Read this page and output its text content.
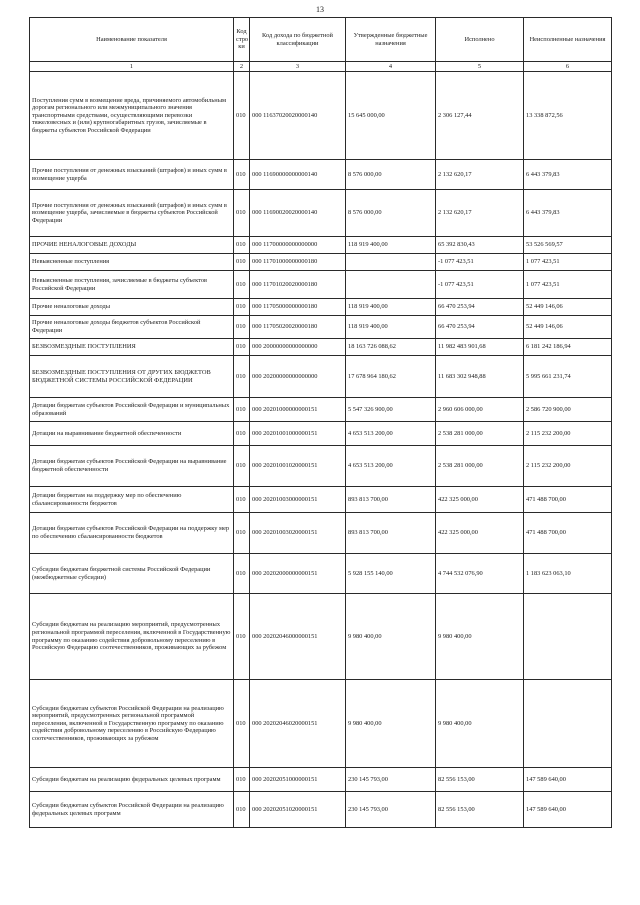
13
Наименование показателя	Код стро ки	Код дохода по бюджетной классификации	Утвержденные бюджетные назначения	Исполнено	Неисполненные назначения
1	2	3	4	5	6
Поступления сумм в возмещение вреда, причиняемого автомобильным дорогам регионального или межмуниципального значения транспортными средствами, осуществляющими перевозки тяжеловесных и (или) крупногабаритных грузов, зачисляемые в бюджеты субъектов Российской Федерации	010	000 11637020020000140	15 645 000,00	2 306 127,44	13 338 872,56
Прочие поступления от денежных взысканий (штрафов) и иных сумм в возмещение ущерба	010	000 11690000000000140	8 576 000,00	2 132 620,17	6 443 379,83
Прочие поступления от денежных взысканий (штрафов) и иных сумм в возмещение ущерба, зачисляемые в бюджеты субъектов Российской Федерации	010	000 11690020020000140	8 576 000,00	2 132 620,17	6 443 379,83
ПРОЧИЕ НЕНАЛОГОВЫЕ ДОХОДЫ	010	000 11700000000000000	118 919 400,00	65 392 830,43	53 526 569,57
Невыясненные поступления	010	000 11701000000000180		-1 077 423,51	1 077 423,51
Невыясненные поступления, зачисляемые в бюджеты субъектов Российской Федерации	010	000 11701020020000180		-1 077 423,51	1 077 423,51
Прочие неналоговые доходы	010	000 11705000000000180	118 919 400,00	66 470 253,94	52 449 146,06
Прочие неналоговые доходы бюджетов субъектов Российской Федерации	010	000 11705020020000180	118 919 400,00	66 470 253,94	52 449 146,06
БЕЗВОЗМЕЗДНЫЕ ПОСТУПЛЕНИЯ	010	000 20000000000000000	18 163 726 088,62	11 982 483 901,68	6 181 242 186,94
БЕЗВОЗМЕЗДНЫЕ ПОСТУПЛЕНИЯ ОТ ДРУГИХ БЮДЖЕТОВ БЮДЖЕТНОЙ СИСТЕМЫ РОССИЙСКОЙ ФЕДЕРАЦИИ	010	000 20200000000000000	17 678 964 180,62	11 683 302 948,88	5 995 661 231,74
Дотации бюджетам субъектов Российской Федерации и муниципальных образований	010	000 20201000000000151	5 547 326 900,00	2 960 606 000,00	2 586 720 900,00
Дотации на выравнивание бюджетной обеспеченности	010	000 20201001000000151	4 653 513 200,00	2 538 281 000,00	2 115 232 200,00
Дотации бюджетам субъектов Российской Федерации на выравнивание бюджетной обеспеченности	010	000 20201001020000151	4 653 513 200,00	2 538 281 000,00	2 115 232 200,00
Дотации бюджетам на поддержку мер по обеспечению сбалансированности бюджетов	010	000 20201003000000151	893 813 700,00	422 325 000,00	471 488 700,00
Дотации бюджетам субъектов Российской Федерации на поддержку мер по обеспечению сбалансированности бюджетов	010	000 20201003020000151	893 813 700,00	422 325 000,00	471 488 700,00
Субсидии бюджетам бюджетной системы Российской Федерации (межбюджетные субсидии)	010	000 20202000000000151	5 928 155 140,00	4 744 532 076,90	1 183 623 063,10
Субсидии бюджетам на реализацию мероприятий, предусмотренных региональной программой переселения, включенной в Государственную программу по оказанию содействия добровольному переселению в Российскую Федерацию соотечественников, проживающих за рубежом	010	000 20202046000000151	9 980 400,00	9 980 400,00	
Субсидии бюджетам субъектов Российской Федерации на реализацию мероприятий, предусмотренных региональной программой переселения, включенной в Государственную программу по оказанию содействия добровольному переселению в Российскую Федерацию соотечественников, проживающих за рубежом	010	000 20202046020000151	9 980 400,00	9 980 400,00	
Субсидии бюджетам на реализацию федеральных целевых программ	010	000 20202051000000151	230 145 793,00	82 556 153,00	147 589 640,00
Субсидии бюджетам субъектов Российской Федерации на реализацию федеральных целевых программ	010	000 20202051020000151	230 145 793,00	82 556 153,00	147 589 640,00
